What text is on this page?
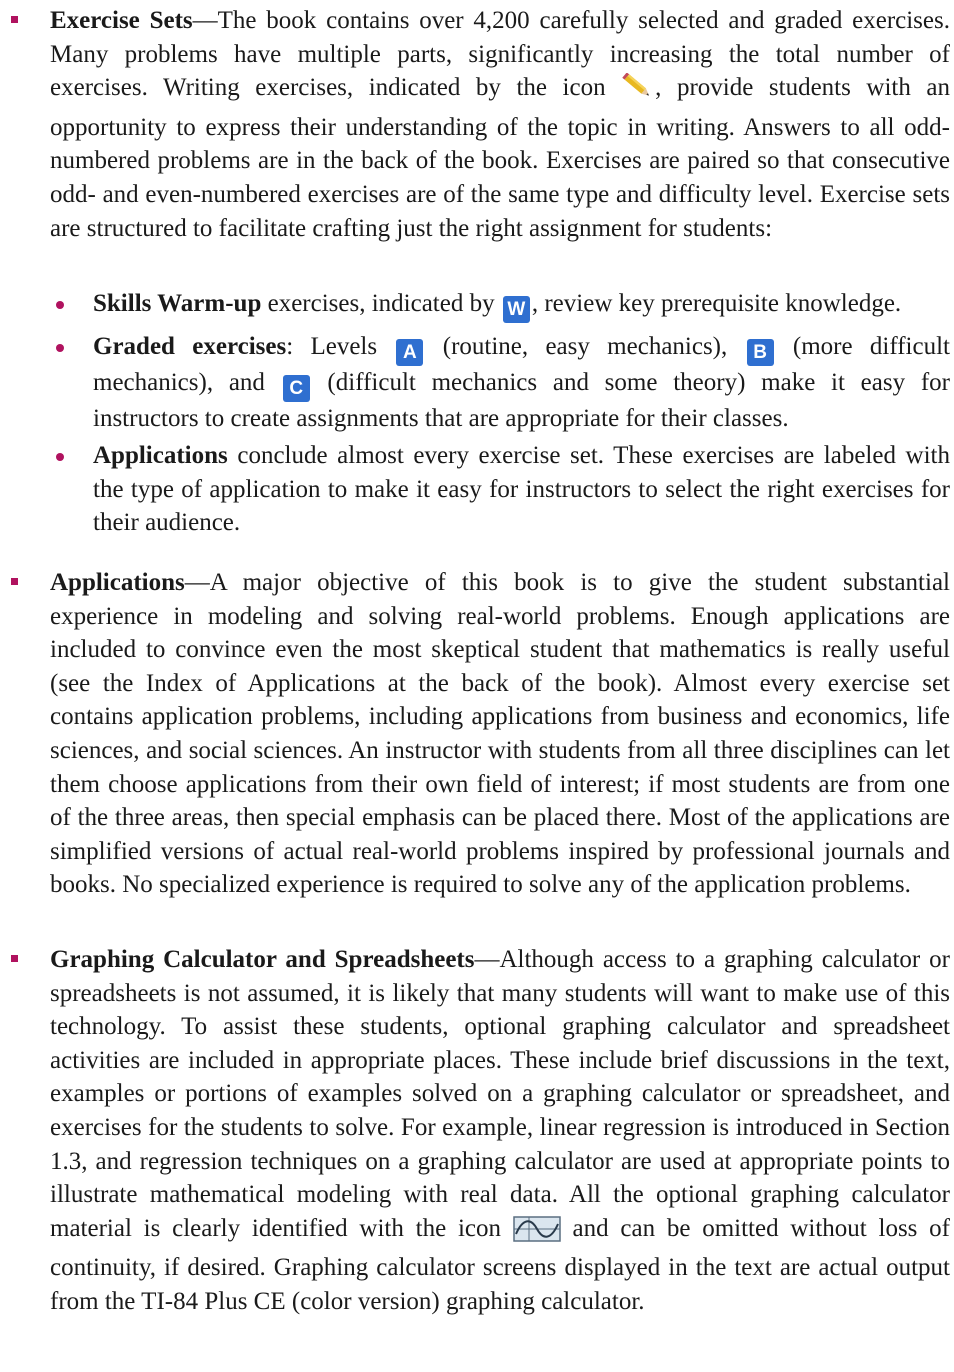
Exercise Sets—The book contains over 4,200 carefully selected and graded exercises. Many problems have multiple parts, significantly increasing the total number of exercises. Writing exercises, indicated by the icon , provide students with an opportunity to express their understanding of the topic in writing. Answers to all odd-numbered problems are in the back of the book. Exercises are paired so that consecutive odd- and even-numbered exercises are of the same type and difficulty level. Exercise sets are structured to facilitate crafting just the right assignment for students:

Skills Warm-up exercises, indicated by W , review key prerequisite knowledge.

Graded exercises: Levels A (routine, easy mechanics), B (more difficult mechanics), and C (difficult mechanics and some theory) make it easy for instructors to create assignments that are appropriate for their classes.

Applications conclude almost every exercise set. These exercises are labeled with the type of application to make it easy for instructors to select the right exercises for their audience.

Applications—A major objective of this book is to give the student substantial experience in modeling and solving real-world problems. Enough applications are included to convince even the most skeptical student that mathematics is really useful (see the Index of Applications at the back of the book). Almost every exercise set contains application problems, including applications from business and economics, life sciences, and social sciences. An instructor with students from all three disciplines can let them choose applications from their own field of interest; if most students are from one of the three areas, then special emphasis can be placed there. Most of the applications are simplified versions of actual real-world problems inspired by professional journals and books. No specialized experience is required to solve any of the application problems.

Graphing Calculator and Spreadsheets—Although access to a graphing calculator or spreadsheets is not assumed, it is likely that many students will want to make use of this technology. To assist these students, optional graphing calculator and spreadsheet activities are included in appropriate places. These include brief discussions in the text, examples or portions of examples solved on a graphing calculator or spreadsheet, and exercises for the students to solve. For example, linear regression is introduced in Section 1.3, and regression techniques on a graphing calculator are used at appropriate points to illustrate mathematical modeling with real data. All the optional graphing calculator material is clearly identified with the icon  and can be omitted without loss of continuity, if desired. Graphing calculator screens displayed in the text are actual output from the TI-84 Plus CE (color version) graphing calculator.
